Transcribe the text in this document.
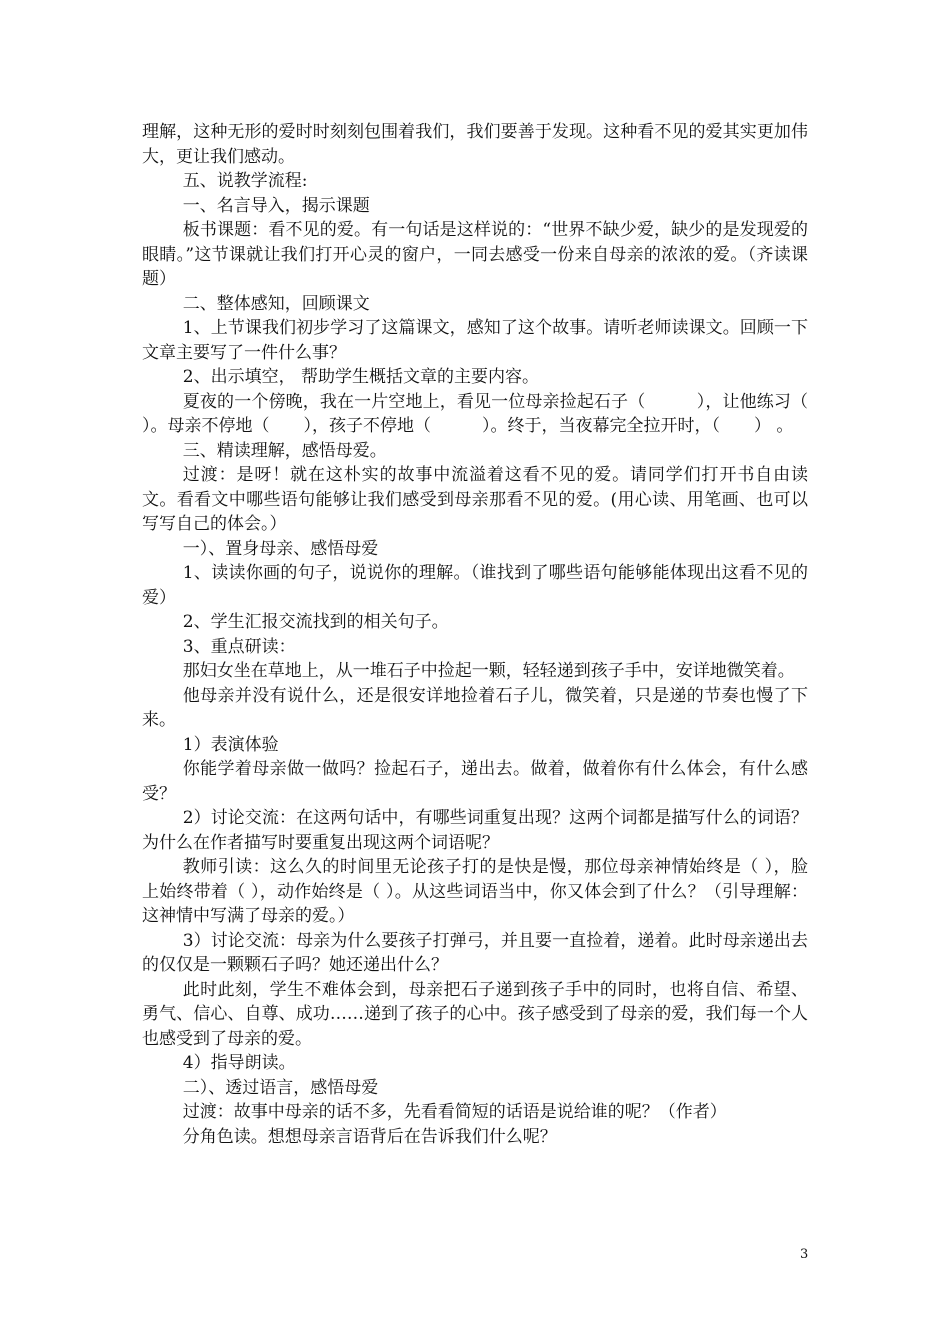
理解，这种无形的爱时时刻刻包围着我们，我们要善于发现。这种看不见的爱其实更加伟大，更让我们感动。

五、说教学流程:

一、名言导入，揭示课题

板书课题：看不见的爱。有一句话是这样说的：“世界不缺少爱，缺少的是发现爱的眼睛。”这节课就让我们打开心灵的窗户，一同去感受一份来自母亲的浓浓的爱。（齐读课题）

二、整体感知，回顾课文

1、上节课我们初步学习了这篇课文，感知了这个故事。请听老师读课文。回顾一下文章主要写了一件什么事？

2、出示填空， 帮助学生概括文章的主要内容。

夏夜的一个傍晚，我在一片空地上，看见一位母亲捡起石子（　　　），让他练习（　　　）。母亲不停地（　　），孩子不停地（　　　）。终于，当夜幕完全拉开时，（　　） 。

三、精读理解，感悟母爱。

过渡：是呀！就在这朴实的故事中流溢着这看不见的爱。请同学们打开书自由读文。看看文中哪些语句能够让我们感受到母亲那看不见的爱。(用心读、用笔画、也可以写写自己的体会。）

一）、置身母亲、感悟母爱

1、读读你画的句子，说说你的理解。（谁找到了哪些语句能够能体现出这看不见的爱）

2、学生汇报交流找到的相关句子。

3、重点研读：

那妇女坐在草地上，从一堆石子中捡起一颗，轻轻递到孩子手中，安详地微笑着。

他母亲并没有说什么，还是很安详地捡着石子儿，微笑着，只是递的节奏也慢了下来。

1）表演体验

你能学着母亲做一做吗？捡起石子，递出去。做着，做着你有什么体会，有什么感受？

2）讨论交流：在这两句话中，有哪些词重复出现？这两个词都是描写什么的词语？为什么在作者描写时要重复出现这两个词语呢？

教师引读：这么久的时间里无论孩子打的是快是慢，那位母亲神情始终是（ ），脸上始终带着（ ），动作始终是（ ）。从这些词语当中，你又体会到了什么？（引导理解：这神情中写满了母亲的爱。）

3）讨论交流：母亲为什么要孩子打弹弓，并且要一直捡着，递着。此时母亲递出去的仅仅是一颗颗石子吗？她还递出什么？

此时此刻，学生不难体会到，母亲把石子递到孩子手中的同时，也将自信、希望、勇气、信心、自尊、成功……递到了孩子的心中。孩子感受到了母亲的爱，我们每一个人也感受到了母亲的爱。

4）指导朗读。

二）、透过语言，感悟母爱

过渡：故事中母亲的话不多，先看看简短的话语是说给谁的呢？（作者）

分角色读。想想母亲言语背后在告诉我们什么呢？

3
